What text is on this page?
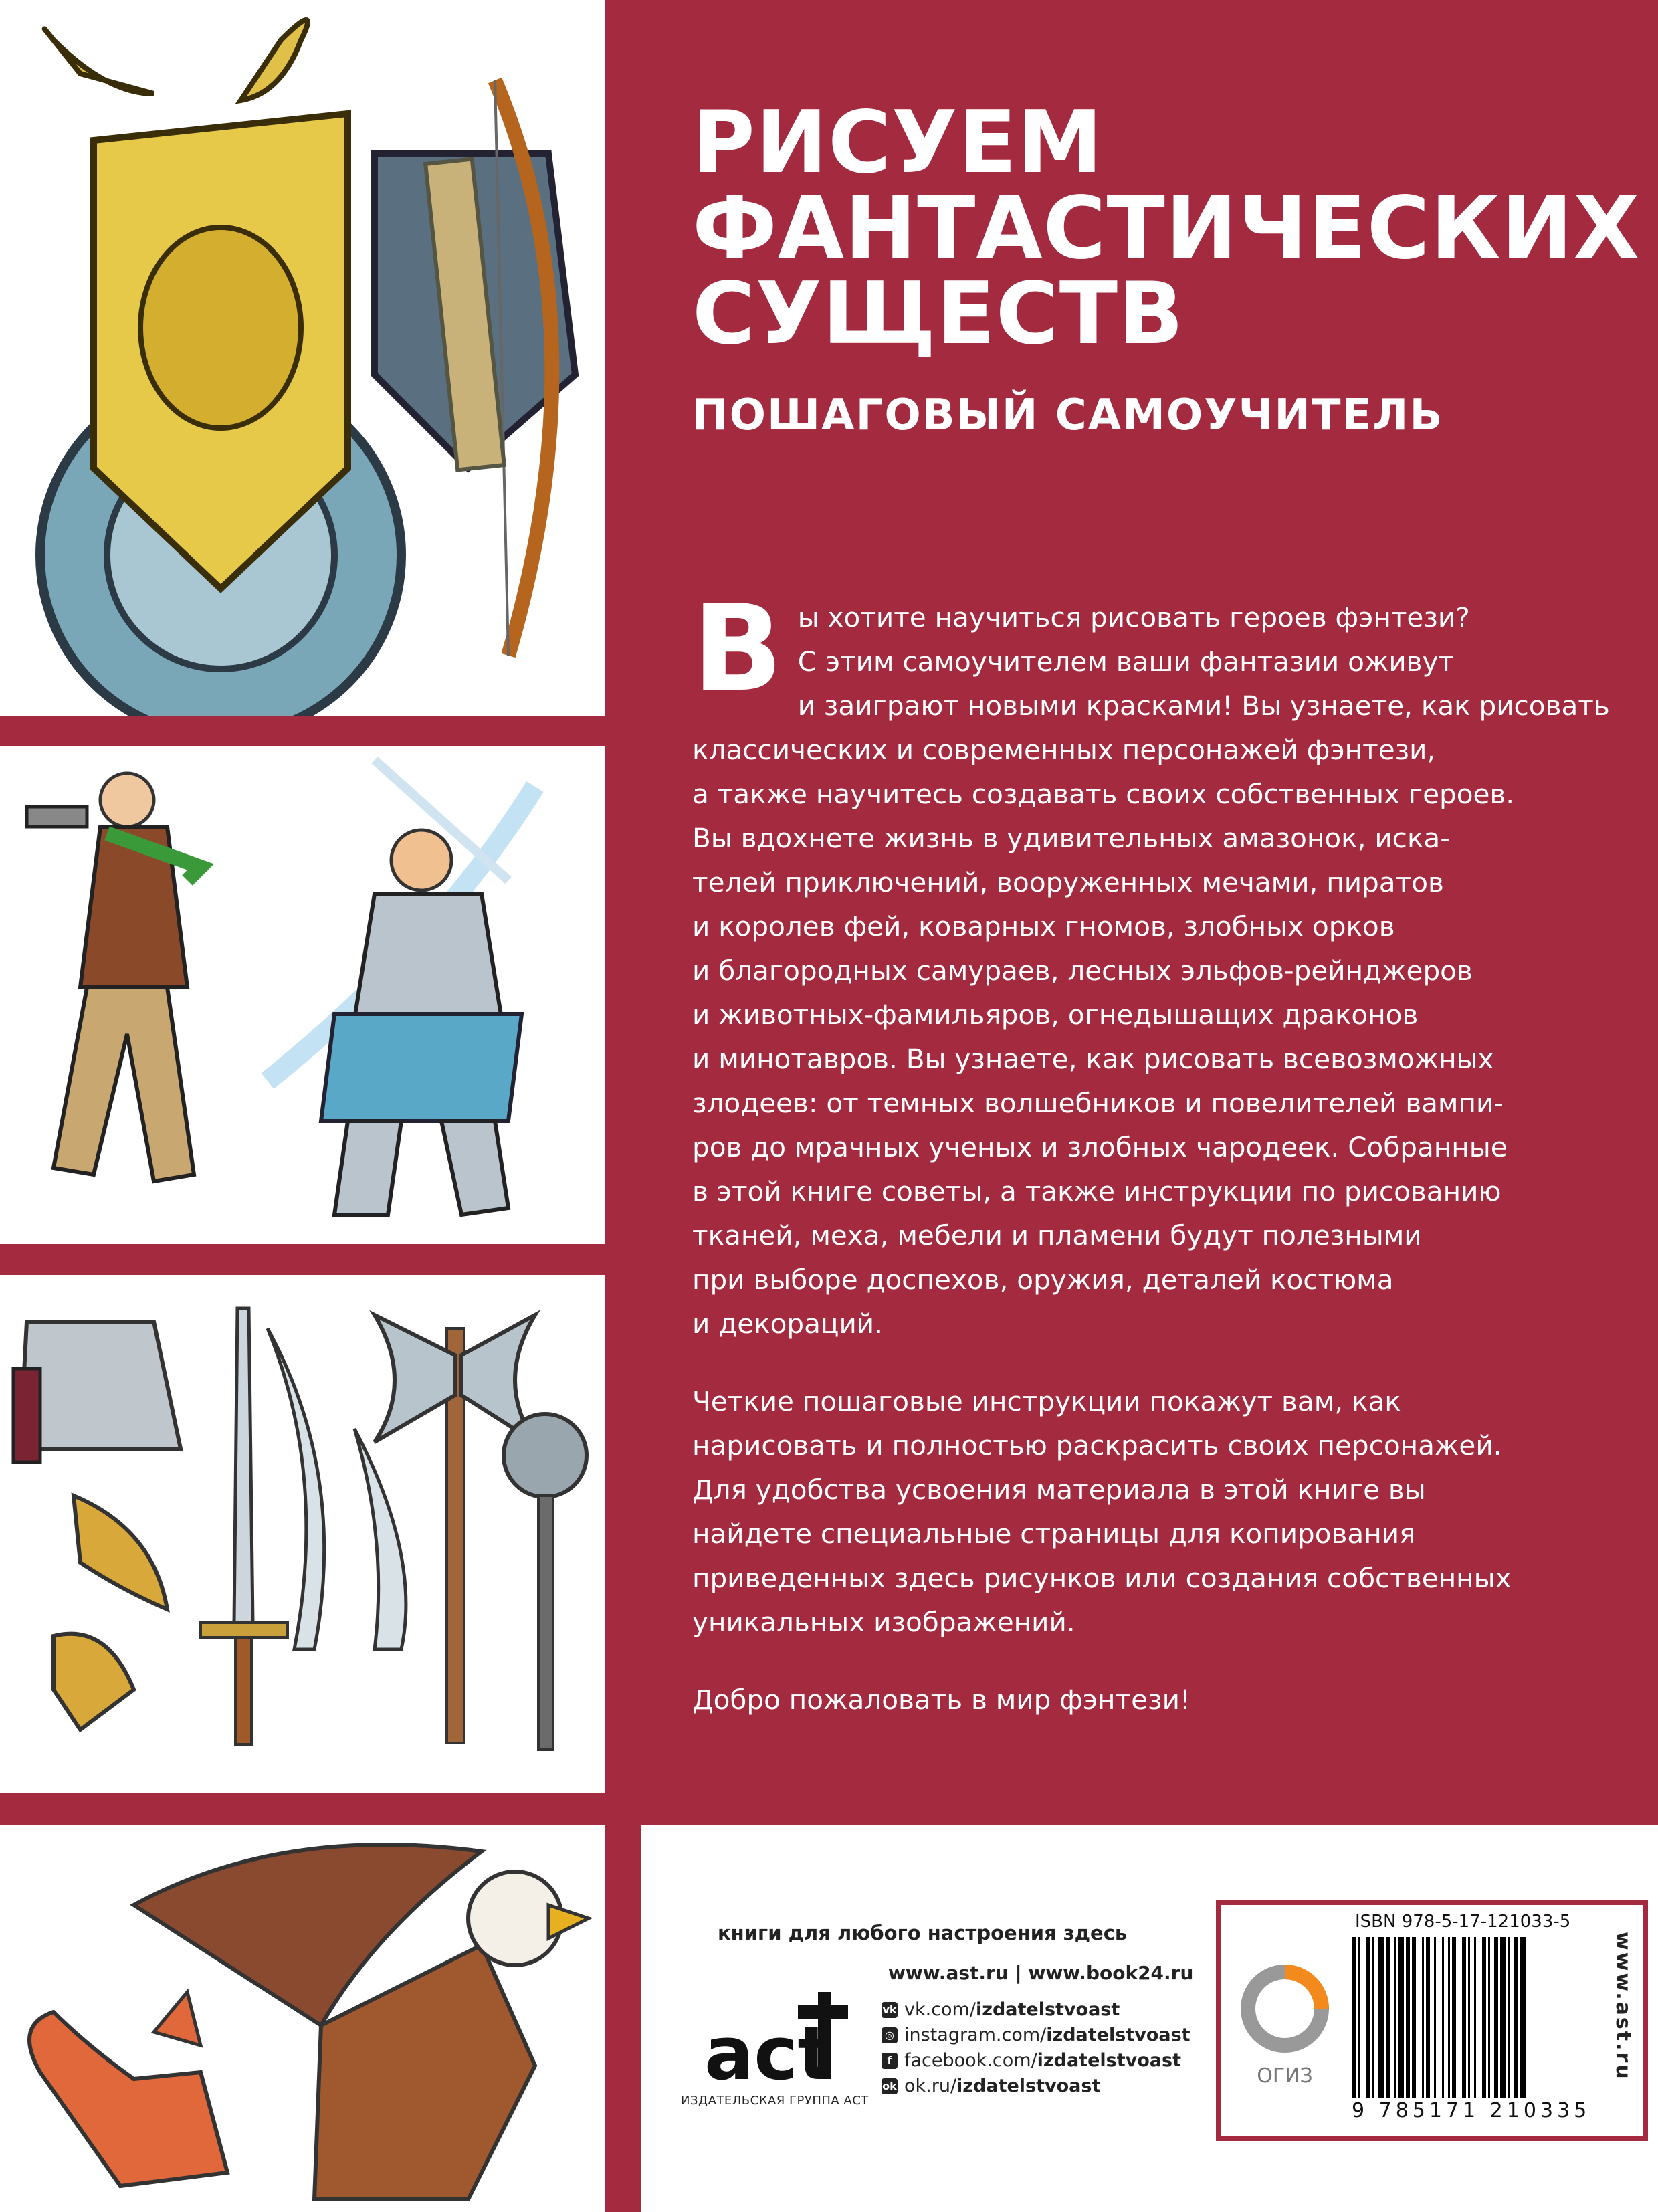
РИСУЕМ
ФАНТАСТИЧЕСКИХ
СУЩЕСТВ
ПОШАГОВЫЙ САМОУЧИТЕЛЬ
В ы хотите научиться рисовать героев фэнтези?
С этим самоучителем ваши фантазии оживут
и заиграют новыми красками! Вы узнаете, как рисовать
классических и современных персонажей фэнтези,
а также научитесь создавать своих собственных героев.
Вы вдохнете жизнь в удивительных амазонок, иска-
телей приключений, вооруженных мечами, пиратов
и королев фей, коварных гномов, злобных орков
и благородных самураев, лесных эльфов-рейнджеров
и животных-фамильяров, огнедышащих драконов
и минотавров. Вы узнаете, как рисовать всевозможных
злодеев: от темных волшебников и повелителей вампи-
ров до мрачных ученых и злобных чародеек. Собранные
в этой книге советы, а также инструкции по рисованию
тканей, меха, мебели и пламени будут полезными
при выборе доспехов, оружия, деталей костюма
и декораций.
Четкие пошаговые инструкции покажут вам, как
нарисовать и полностью раскрасить своих персонажей.
Для удобства усвоения материала в этой книге вы
найдете специальные страницы для копирования
приведенных здесь рисунков или создания собственных
уникальных изображений.
Добро пожаловать в мир фэнтези!
книги для любого настроения здесь
www.ast.ru | www.book24.ru
act
ИЗДАТЕЛЬСКАЯ ГРУППА АСТ
vk vk.com/izdatelstvoast
◎ instagram.com/izdatelstvoast
f facebook.com/izdatelstvoast
ok ok.ru/izdatelstvoast	ОГИЗ
ISBN 978-5-17-121033-5
9 785171 210335
www.ast.ru
